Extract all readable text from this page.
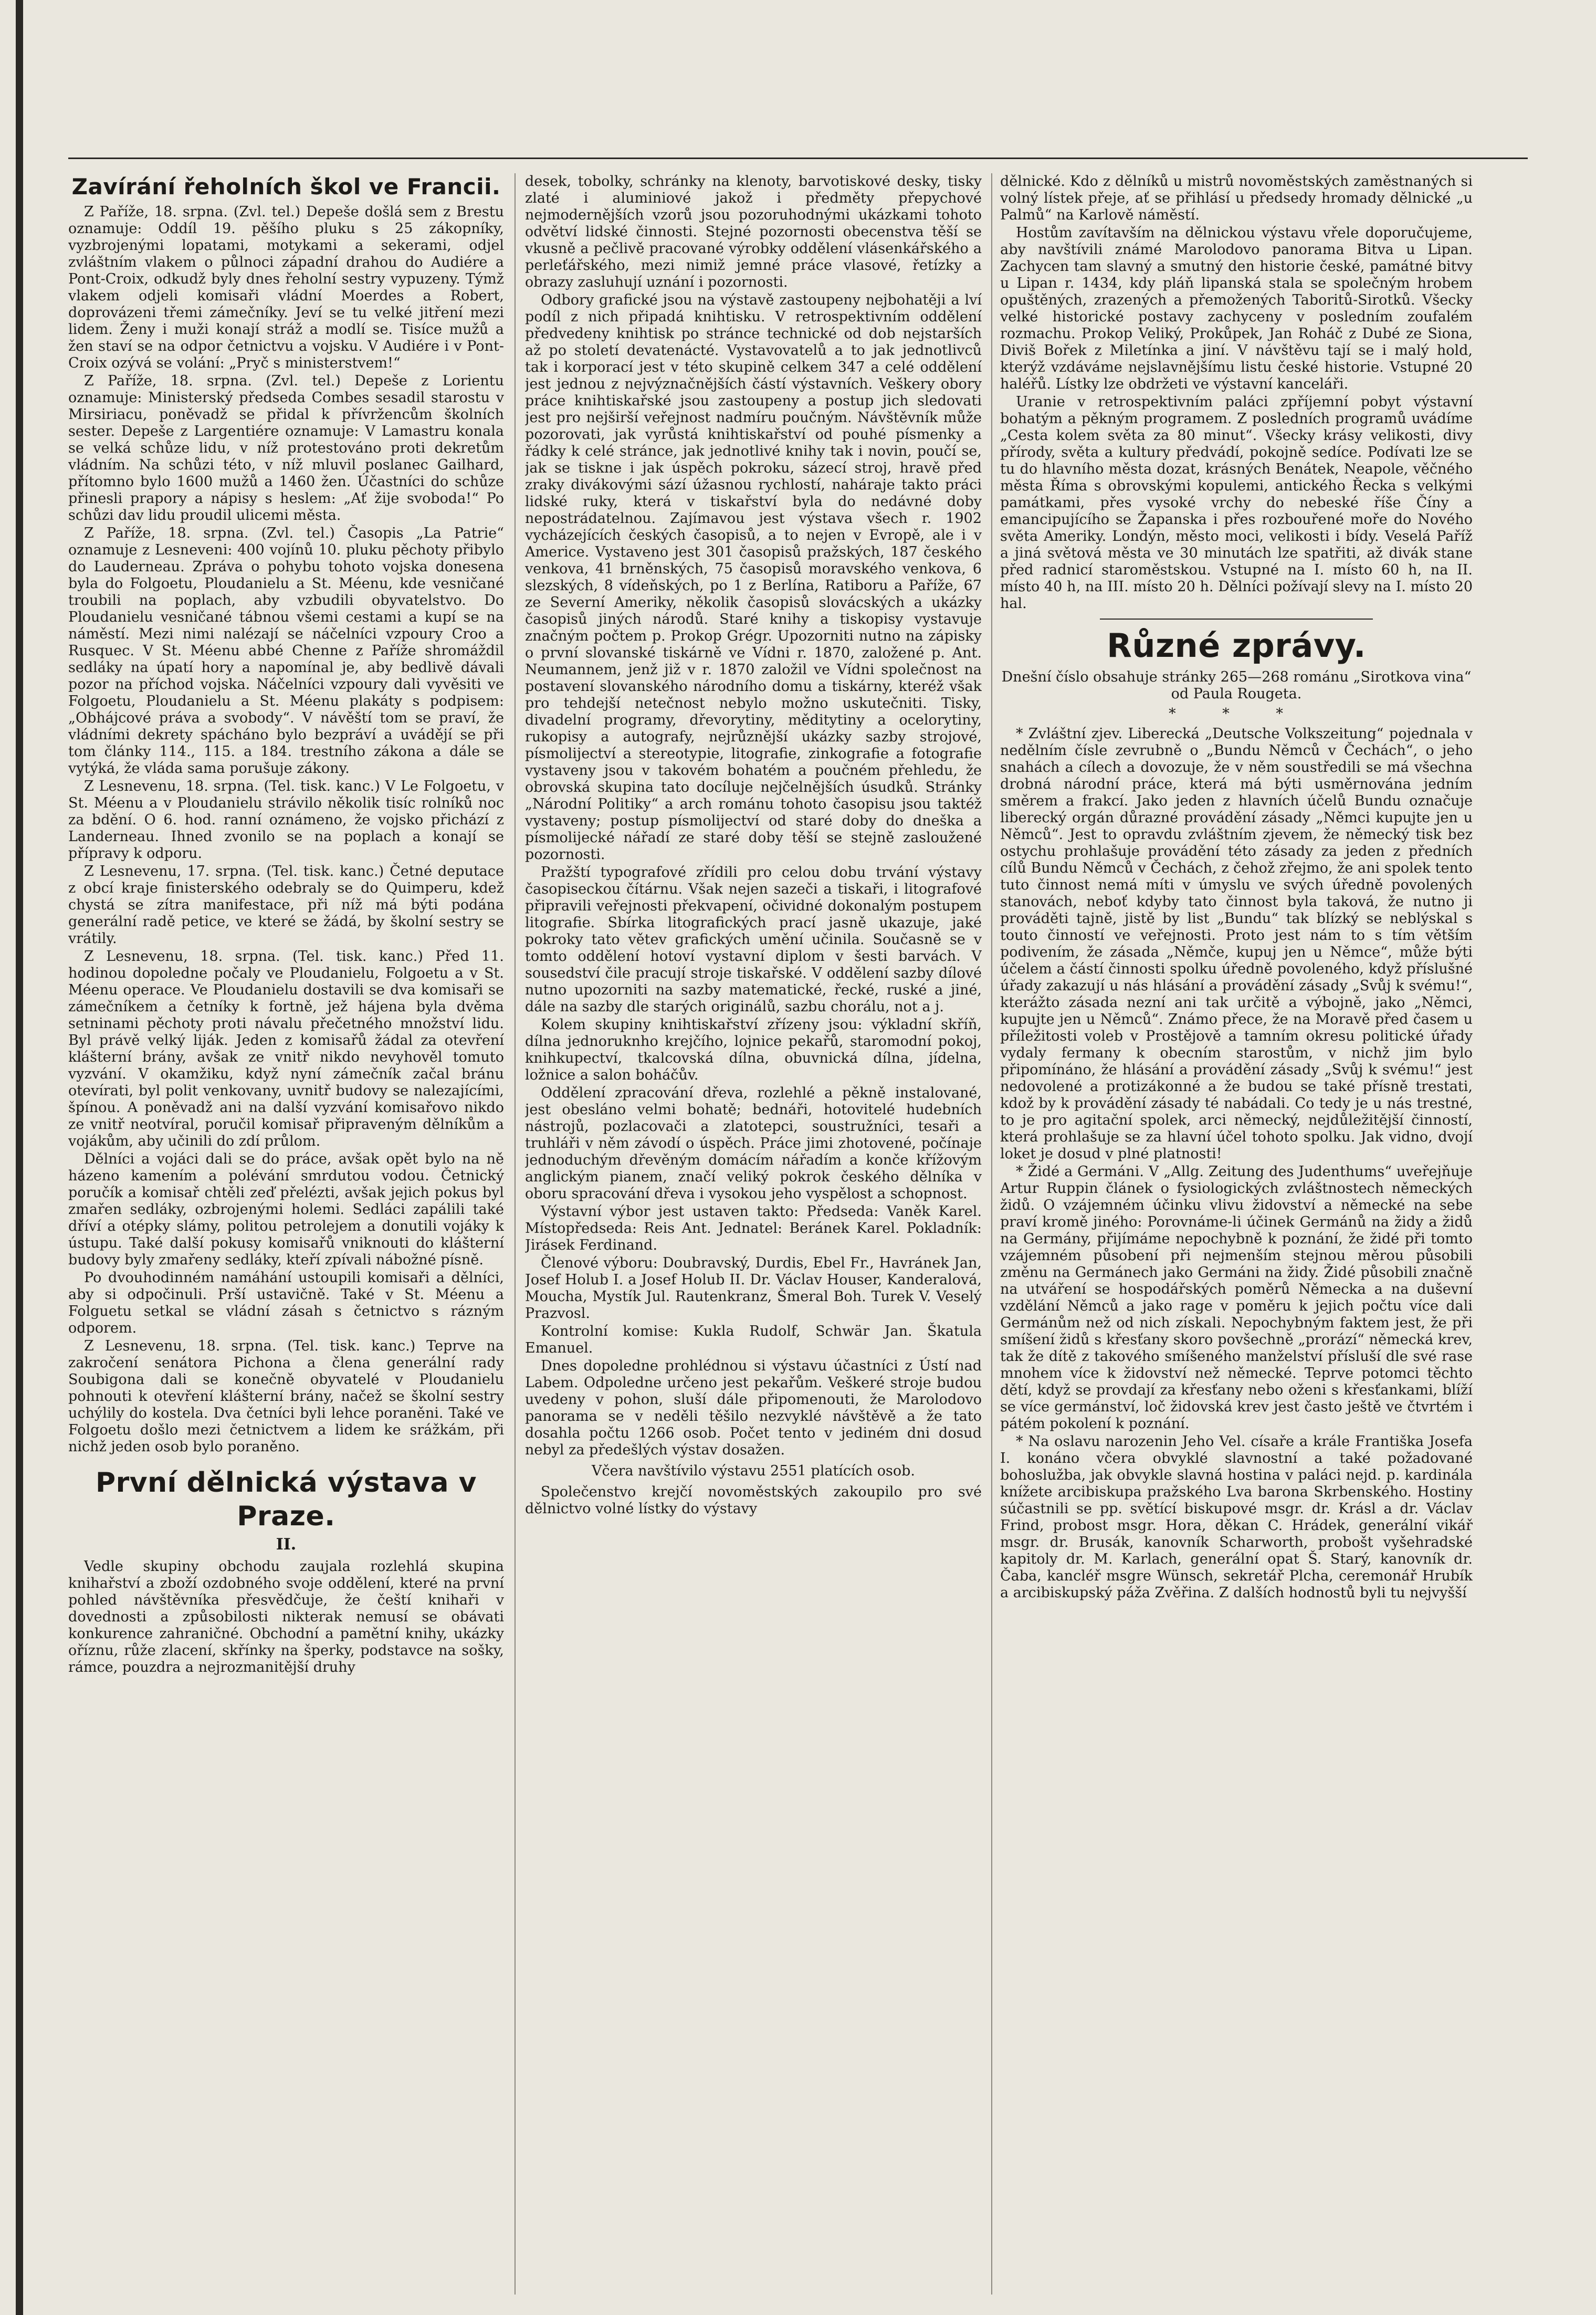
Zavírání řeholních škol ve Francii.

Z Paříže, 18. srpna. (Zvl. tel.) Depeše došlá sem z Brestu oznamuje: Oddíl 19. pěšího pluku s 25 zákopníky, vyzbrojenými lopatami, motykami a sekerami, odjel zvláštním vlakem o půlnoci západní drahou do Audiére a Pont-Croix, odkudž byly dnes řeholní sestry vypuzeny. Týmž vlakem odjeli komisaři vládní Moerdes a Robert, doprovázeni třemi zámečníky. Jeví se tu velké jitření mezi lidem. Ženy i muži konají stráž a modlí se. Tisíce mužů a žen staví se na odpor četnictvu a vojsku. V Audiére i v Pont-Croix ozývá se volání: „Pryč s ministerstvem!“

Z Paříže, 18. srpna. (Zvl. tel.) Depeše z Lorientu oznamuje: Ministerský předseda Combes sesadil starostu v Mirsiriacu, poněvadž se přidal k přívržencům školních sester. Depeše z Largentiére oznamuje: V Lamastru konala se velká schůze lidu, v níž protestováno proti dekretům vládním. Na schůzi této, v níž mluvil poslanec Gailhard, přítomno bylo 1600 mužů a 1460 žen. Účastníci do schůze přinesli prapory a nápisy s heslem: „Ať žije svoboda!“ Po schůzi dav lidu proudil ulicemi města.

Z Paříže, 18. srpna. (Zvl. tel.) Časopis „La Patrie“ oznamuje z Lesneveni: 400 vojínů 10. pluku pěchoty přibylo do Lauderneau. Zpráva o pohybu tohoto vojska donesena byla do Folgoetu, Ploudanielu a St. Méenu, kde vesničané troubili na poplach, aby vzbudili obyvatelstvo. Do Ploudanielu vesničané tábnou všemi cestami a kupí se na náměstí. Mezi nimi nalézají se náčelníci vzpoury Croo a Rusquec. V St. Méenu abbé Chenne z Paříže shromáždil sedláky na úpatí hory a napomínal je, aby bedlivě dávali pozor na příchod vojska. Náčelníci vzpoury dali vyvěsiti ve Folgoetu, Ploudanielu a St. Méenu plakáty s podpisem: „Obhájcové práva a svobody“. V návěští tom se praví, že vládními dekrety spácháno bylo bezpráví a uvádějí se při tom články 114., 115. a 184. trestního zákona a dále se vytýká, že vláda sama porušuje zákony.

Z Lesnevenu, 18. srpna. (Tel. tisk. kanc.) V Le Folgoetu, v St. Méenu a v Ploudanielu strávilo několik tisíc rolníků noc za bdění. O 6. hod. ranní oznámeno, že vojsko přichází z Landerneau. Ihned zvonilo se na poplach a konají se přípravy k odporu.

Z Lesnevenu, 17. srpna. (Tel. tisk. kanc.) Četné deputace z obcí kraje finisterského odebraly se do Quimperu, kdež chystá se zítra manifestace, při níž má býti podána generální radě petice, ve které se žádá, by školní sestry se vrátily.

Z Lesnevenu, 18. srpna. (Tel. tisk. kanc.) Před 11. hodinou dopoledne počaly ve Ploudanielu, Folgoetu a v St. Méenu operace. Ve Ploudanielu dostavili se dva komisaři se zámečníkem a četníky k fortně, jež hájena byla dvěma setninami pěchoty proti návalu přečetného množství lidu. Byl právě velký liják. Jeden z komisařů žádal za otevření klášterní brány, avšak ze vnitř nikdo nevyhověl tomuto vyzvání. V okamžiku, když nyní zámečník začal bránu otevírati, byl polit venkovany, uvnitř budovy se nalezajícími, špínou. A poněvadž ani na další vyzvání komisařovo nikdo ze vnitř neotvíral, poručil komisař připraveným dělníkům a vojákům, aby učinili do zdí průlom.

Dělníci a vojáci dali se do práce, avšak opět bylo na ně házeno kamením a polévání smrdutou vodou. Četnický poručík a komisař chtěli zeď přelézti, avšak jejich pokus byl zmařen sedláky, ozbrojenými holemi. Sedláci zapálili také dříví a otépky slámy, politou petrolejem a donutili vojáky k ústupu. Také další pokusy komisařů vniknouti do klášterní budovy byly zmařeny sedláky, kteří zpívali nábožné písně.

Po dvouhodinném namáhání ustoupili komisaři a dělníci, aby si odpočinuli. Prší ustavičně. Také v St. Méenu a Folguetu setkal se vládní zásah s četnictvo s rázným odporem.

Z Lesnevenu, 18. srpna. (Tel. tisk. kanc.) Teprve na zakročení senátora Pichona a člena generální rady Soubigona dali se konečně obyvatelé v Ploudanielu pohnouti k otevření klášterní brány, načež se školní sestry uchýlily do kostela. Dva četníci byli lehce poraněni. Také ve Folgoetu došlo mezi četnictvem a lidem ke srážkám, při nichž jeden osob bylo poraněno.

První dělnická výstava v Praze.
II.

Vedle skupiny obchodu zaujala rozlehlá skupina knihařství a zboží ozdobného svoje oddělení, které na první pohled návštěvníka přesvědčuje, že čeští knihaři v dovednosti a způsobilosti nikterak nemusí se obávati konkurence zahraničné. Obchodní a pamětní knihy, ukázky oříznu, růže zlacení, skřínky na šperky, podstavce na sošky, rámce, pouzdra a nejrozmanitější druhy

desek, tobolky, schránky na klenoty, barvotiskové desky, tisky zlaté i aluminiové jakož i předměty přepychové nejmodernějších vzorů jsou pozoruhodnými ukázkami tohoto odvětví lidské činnosti. Stejné pozornosti obecenstva těší se vkusně a pečlivě pracované výrobky oddělení vlásenkářského a perleťářského, mezi nimiž jemné práce vlasové, řetízky a obrazy zasluhují uznání i pozornosti.

Odbory grafické jsou na výstavě zastoupeny nejbohatěji a lví podíl z nich připadá knihtisku. V retrospektivním oddělení předvedeny knihtisk po stránce technické od dob nejstarších až po století devatenácté. Vystavovatelů a to jak jednotlivců tak i korporací jest v této skupině celkem 347 a celé oddělení jest jednou z nejvýznačnějších částí výstavních. Veškery obory práce knihtiskařské jsou zastoupeny a postup jich sledovati jest pro nejširší veřejnost nadmíru poučným. Návštěvník může pozorovati, jak vyrůstá knihtiskařství od pouhé písmenky a řádky k celé stránce, jak jednotlivé knihy tak i novin, poučí se, jak se tiskne i jak úspěch pokroku, sázecí stroj, hravě před zraky divákovými sází úžasnou rychlostí, naháraje takto práci lidské ruky, která v tiskařství byla do nedávné doby nepostrádatelnou. Zajímavou jest výstava všech r. 1902 vycházejících českých časopisů, a to nejen v Evropě, ale i v Americe. Vystaveno jest 301 časopisů pražských, 187 českého venkova, 41 brněnských, 75 časopisů moravského venkova, 6 slezských, 8 vídeňských, po 1 z Berlína, Ratiboru a Paříže, 67 ze Severní Ameriky, několik časopisů slovácských a ukázky časopisů jiných národů. Staré knihy a tiskopisy vystavuje značným počtem p. Prokop Grégr. Upozorniti nutno na zápisky o první slovanské tiskárně ve Vídni r. 1870, založené p. Ant. Neumannem, jenž již v r. 1870 založil ve Vídni společnost na postavení slovanského národního domu a tiskárny, kteréž však pro tehdejší netečnost nebylo možno uskutečniti. Tisky, divadelní programy, dřevorytiny, měditytiny a ocelorytiny, rukopisy a autografy, nejrůznější ukázky sazby strojové, písmolijectví a stereotypie, litografie, zinkografie a fotografie vystaveny jsou v takovém bohatém a poučném přehledu, že obrovská skupina tato docíluje nejčelnějších úsudků. Stránky „Národní Politiky“ a arch románu tohoto časopisu jsou taktéž vystaveny; postup písmolijectví od staré doby do dneška a písmolijecké nářadí ze staré doby těší se stejně zasloužené pozornosti.

Pražští typografové zřídili pro celou dobu trvání výstavy časopiseckou čítárnu. Však nejen sazeči a tiskaři, i litografové připravili veřejnosti překvapení, očividné dokonalým postupem litografie. Sbírka litografických prací jasně ukazuje, jaké pokroky tato větev grafických umění učinila. Současně se v tomto oddělení hotoví vystavní diplom v šesti barvách. V sousedství čile pracují stroje tiskařské. V oddělení sazby dílové nutno upozorniti na sazby matematické, řecké, ruské a jiné, dále na sazby dle starých originálů, sazbu chorálu, not a j.

Kolem skupiny knihtiskařství zřízeny jsou: výkladní skříň, dílna jednoruknho krejčího, lojnice pekařů, staromodní pokoj, knihkupectví, tkalcovská dílna, obuvnická dílna, jídelna, ložnice a salon boháčův.

Oddělení zpracování dřeva, rozlehlé a pěkně instalované, jest obesláno velmi bohatě; bednáři, hotovitelé hudebních nástrojů, pozlacovači a zlatotepci, soustružníci, tesaři a truhláři v něm závodí o úspěch. Práce jimi zhotovené, počínaje jednoduchým dřevěným domácím nářadím a konče křížovým anglickým pianem, značí veliký pokrok českého dělníka v oboru spracování dřeva i vysokou jeho vyspělost a schopnost.

Výstavní výbor jest ustaven takto: Předseda: Vaněk Karel. Místopředseda: Reis Ant. Jednatel: Beránek Karel. Pokladník: Jirásek Ferdinand.

Členové výboru: Doubravský, Durdis, Ebel Fr., Havránek Jan, Josef Holub I. a Josef Holub II. Dr. Václav Houser, Kanderalová, Moucha, Mystík Jul. Rautenkranz, Šmeral Boh. Turek V. Veselý Prazvosl.

Kontrolní komise: Kukla Rudolf, Schwär Jan. Škatula Emanuel.

Dnes dopoledne prohlédnou si výstavu účastníci z Ústí nad Labem. Odpoledne určeno jest pekařům. Veškeré stroje budou uvedeny v pohon, sluší dále připomenouti, že Marolodovo panorama se v neděli těšilo nezvyklé návštěvě a že tato dosahla počtu 1266 osob. Počet tento v jediném dni dosud nebyl za předešlých výstav dosažen.

Včera navštívilo výstavu 2551 platících osob.

Společenstvo krejčí novoměstských zakoupilo pro své dělnictvo volné lístky do výstavy

dělnické. Kdo z dělníků u mistrů novoměstských zaměstnaných si volný lístek přeje, ať se přihlásí u předsedy hromady dělnické „u Palmů“ na Karlově náměstí.

Hostům zavítavším na dělnickou výstavu vřele doporučujeme, aby navštívili známé Marolodovo panorama Bitva u Lipan. Zachycen tam slavný a smutný den historie české, památné bitvy u Lipan r. 1434, kdy pláň lipanská stala se společným hrobem opuštěných, zrazených a přemožených Taboritů-Sirotků. Všecky velké historické postavy zachyceny v posledním zoufalém rozmachu. Prokop Veliký, Prokůpek, Jan Roháč z Dubé ze Siona, Diviš Bořek z Miletínka a jiní. V návštěvu tají se i malý hold, kterýž vzdáváme nejslavnějšímu listu české historie. Vstupné 20 haléřů. Lístky lze obdržeti ve výstavní kanceláři.

Uranie v retrospektivním paláci zpříjemní pobyt výstavní bohatým a pěkným programem. Z posledních programů uvádíme „Cesta kolem světa za 80 minut“. Všecky krásy velikosti, divy přírody, světa a kultury předvádí, pokojně sedíce. Podívati lze se tu do hlavního města dozat, krásných Benátek, Neapole, věčného města Říma s obrovskými kopulemi, antického Řecka s velkými památkami, přes vysoké vrchy do nebeské říše Číny a emancipujícího se Žapanska i přes rozbouřené moře do Nového světa Ameriky. Londýn, město moci, velikosti i bídy. Veselá Paříž a jiná světová města ve 30 minutách lze spatřiti, až divák stane před radnicí staroměstskou. Vstupné na I. místo 60 h, na II. místo 40 h, na III. místo 20 h. Dělníci požívají slevy na I. místo 20 hal.

Různé zprávy.

Dnešní číslo obsahuje stránky 265—268 románu „Sirotkova vina“ od Paula Rougeta.

* * *

* Zvláštní zjev. Liberecká „Deutsche Volkszeitung“ pojednala v nedělním čísle zevrubně o „Bundu Němců v Čechách“, o jeho snahách a cílech a dovozuje, že v něm soustředili se má všechna drobná národní práce, která má býti usměrnována jedním směrem a frakcí. Jako jeden z hlavních účelů Bundu označuje liberecký orgán důrazné provádění zásady „Němci kupujte jen u Němců“. Jest to opravdu zvláštním zjevem, že německý tisk bez ostychu prohlašuje provádění této zásady za jeden z předních cílů Bundu Němců v Čechách, z čehož zřejmo, že ani spolek tento tuto činnost nemá míti v úmyslu ve svých úředně povolených stanovách, neboť kdyby tato činnost byla taková, že nutno ji prováděti tajně, jistě by list „Bundu“ tak blízký se neblýskal s touto činností ve veřejnosti. Proto jest nám to s tím větším podivením, že zásada „Němče, kupuj jen u Němce“, může býti účelem a částí činnosti spolku úředně povoleného, když příslušné úřady zakazují u nás hlásání a provádění zásady „Svůj k svému!“, kterážto zásada nezní ani tak určitě a výbojně, jako „Němci, kupujte jen u Němců“. Známo přece, že na Moravě před časem u příležitosti voleb v Prostějově a tamním okresu politické úřady vydaly fermany k obecním starostům, v nichž jim bylo připomínáno, že hlásání a provádění zásady „Svůj k svému!“ jest nedovolené a protizákonné a že budou se také přísně trestati, kdož by k provádění zásady té nabádali. Co tedy je u nás trestné, to je pro agitační spolek, arci německý, nejdůležitější činností, která prohlašuje se za hlavní účel tohoto spolku. Jak vidno, dvojí loket je dosud v plné platnosti!

* Židé a Germáni. V „Allg. Zeitung des Judenthums“ uveřejňuje Artur Ruppin článek o fysiologických zvláštnostech německých židů. O vzájemném účinku vlivu židovství a německé na sebe praví kromě jiného: Porovnáme-li účinek Germánů na židy a židů na Germány, přijímáme nepochybně k poznání, že židé při tomto vzájemném působení při nejmenším stejnou měrou působili změnu na Germánech jako Germáni na židy. Židé působili značně na utváření se hospodářských poměrů Německa a na duševní vzdělání Němců a jako rage v poměru k jejich počtu více dali Germánům než od nich získali. Nepochybným faktem jest, že při smíšení židů s křesťany skoro povšechně „prorází“ německá krev, tak že dítě z takového smíšeného manželství přísluší dle své rase mnohem více k židovství než německé. Teprve potomci těchto dětí, když se provdají za křesťany nebo oženi s křesťankami, blíží se více germánství, loč židovská krev jest často ještě ve čtvrtém i pátém pokolení k poznání.

* Na oslavu narozenin Jeho Vel. císaře a krále Františka Josefa I. konáno včera obvyklé slavnostní a také požadované bohoslužba, jak obvykle slavná hostina v paláci nejd. p. kardinála knížete arcibiskupa pražského Lva barona Skrbenského. Hostiny súčastnili se pp. světící biskupové msgr. dr. Krásl a dr. Václav Frind, probost msgr. Hora, děkan C. Hrádek, generální vikář msgr. dr. Brusák, kanovník Scharworth, probošt vyšehradské kapitoly dr. M. Karlach, generální opat Š. Starý, kanovník dr. Čaba, kancléř msgre Wünsch, sekretář Plcha, ceremonář Hrubík a arcibiskupský páža Zvěřina. Z dalších hodnostů byli tu nejvyšší
